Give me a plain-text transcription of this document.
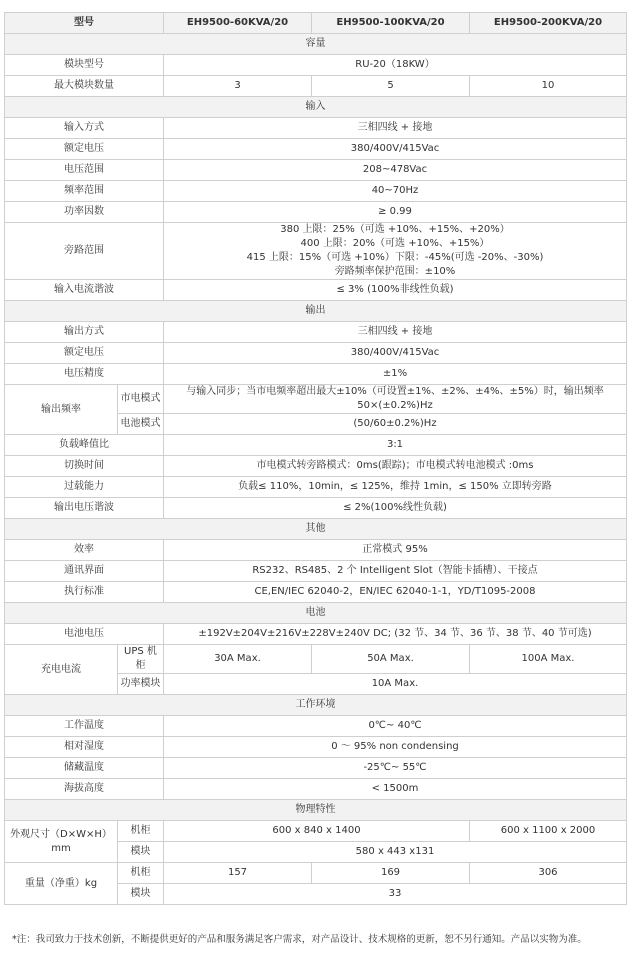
型号		EH9500-60KVA/20	EH9500-100KVA/20	EH9500-200KVA/20
容量				
模块型号		RU-20（18KW）		
最大模块数量		3	5	10
输入				
输入方式		三相四线 + 接地		
额定电压		380/400V/415Vac		
电压范围		208~478Vac		
频率范围		40~70Hz		
功率因数		≥ 0.99		
旁路范围		380 上限：25%（可选 +10%、+15%、+20%）
400 上限：20%（可选 +10%、+15%）
415 上限：15%（可选 +10%）下限：-45%(可选 -20%、-30%)
旁路频率保护范围：±10%		

输入电流谐波		≤ 3% (100%非线性负载)		
输出				
输出方式		三相四线 + 接地		
额定电压		380/400V/415Vac		
电压精度		±1%		
输出频率	市电模式	与输入同步；当市电频率超出最大±10%（可设置±1%、±2%、±4%、±5%）时，输出频率
50×(±0.2%)Hz		

	电池模式	(50/60±0.2%)Hz		
负载峰值比		3:1		
切换时间		市电模式转旁路模式：0ms(跟踪)；市电模式转电池模式 :0ms		
过载能力		负载≤ 110%，10min，≤ 125%，维持 1min，≤ 150% 立即转旁路		
输出电压谐波		≤ 2%(100%线性负载)		
其他				
效率		正常模式 95%		
通讯界面		RS232、RS485、2 个 Intelligent Slot（智能卡插槽）、干接点		
执行标准		CE,EN/IEC 62040-2，EN/IEC 62040-1-1，YD/T1095-2008		
电池				
电池电压		±192V±204V±216V±228V±240V DC; (32 节、34 节、36 节、38 节、40 节可选)		
充电电流	UPS 机柜	30A Max.	50A Max.	100A Max.
	功率模块	10A Max.		
工作环境				
工作温度		0℃~ 40℃		
相对湿度		0 ～ 95% non condensing		
储藏温度		-25℃~ 55℃		
海拔高度		< 1500m		
物理特性				

外观尺寸（D×W×H）
mm	机柜	600 x 840 x 1400		600 x 1100 x 2000
	模块	580 x 443 x131		
重量（净重）kg	机柜	157	169	306
	模块	33		
*注：我司致力于技术创新，不断提供更好的产品和服务满足客户需求，对产品设计、技术规格的更新，恕不另行通知。产品以实物为准。
